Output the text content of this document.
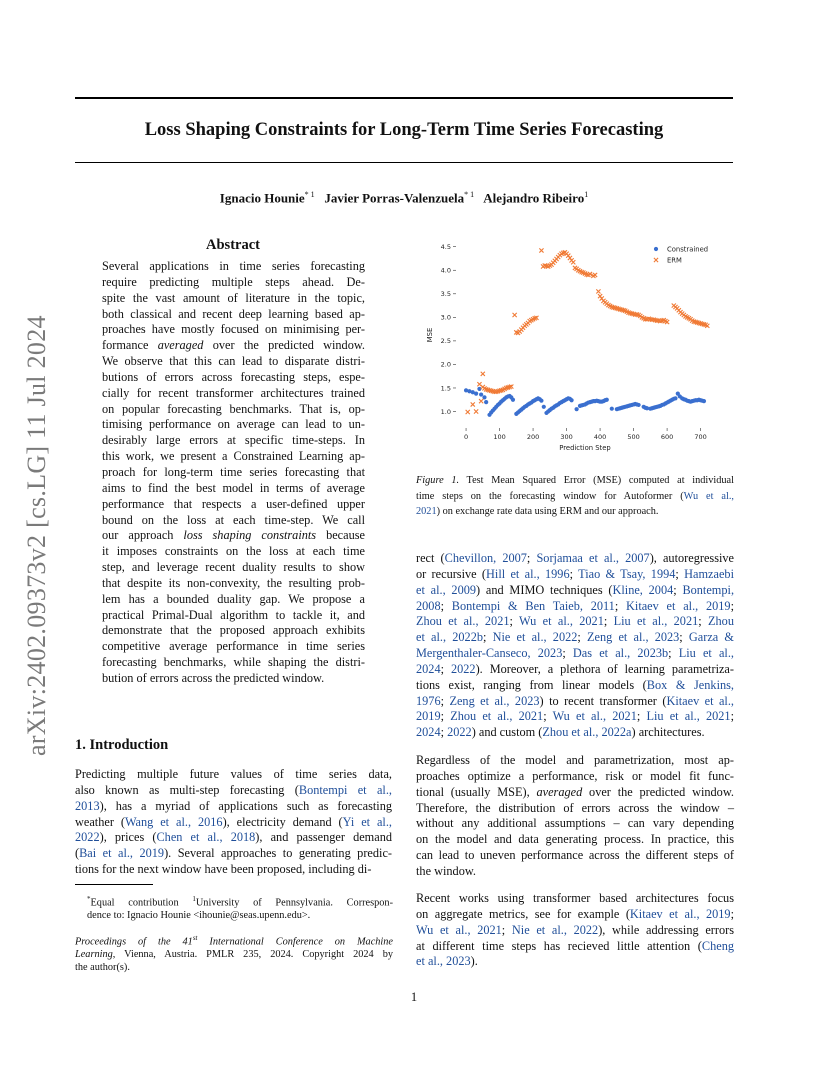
Loss Shaping Constraints for Long-Term Time Series Forecasting
Ignacio Hounie$^{* 1}$ Javier Porras-Valenzuela$^{* 1}$ Alejandro Ribeiro$^1$
arXiv:2402.09373v2 [cs.LG] 11 Jul 2024
Abstract
Several applications in time series forecasting
require predicting multiple steps ahead. De-
spite the vast amount of literature in the topic,
both classical and recent deep learning based ap-
proaches have mostly focused on minimising per-
formance averaged over the predicted window.
We observe that this can lead to disparate distri-
butions of errors across forecasting steps, espe-
cially for recent transformer architectures trained
on popular forecasting benchmarks. That is, op-
timising performance on average can lead to un-
desirably large errors at specific time-steps. In
this work, we present a Constrained Learning ap-
proach for long-term time series forecasting that
aims to find the best model in terms of average
performance that respects a user-defined upper
bound on the loss at each time-step. We call
our approach loss shaping constraints because
it imposes constraints on the loss at each time
step, and leverage recent duality results to show
that despite its non-convexity, the resulting prob-
lem has a bounded duality gap. We propose a
practical Primal-Dual algorithm to tackle it, and
demonstrate that the proposed approach exhibits
competitive average performance in time series
forecasting benchmarks, while shaping the distri-
bution of errors across the predicted window.
1. Introduction
Predicting multiple future values of time series data,
also known as multi-step forecasting (Bontempi et al.,
2013), has a myriad of applications such as forecasting
weather (Wang et al., 2016), electricity demand (Yi et al.,
2022), prices (Chen et al., 2018), and passenger demand
(Bai et al., 2019). Several approaches to generating predic-
tions for the next window have been proposed, including di-
*Equal contribution $^1$University of Pennsylvania. Correspon-
dence to: Ignacio Hounie <ihounie@seas.upenn.edu>.
Proceedings of the 41st International Conference on Machine
Learning, Vienna, Austria. PMLR 235, 2024. Copyright 2024 by
the author(s).
0	100	200	300	400	500	600	700
1.0
1.5
2.0
2.5
3.0
3.5
4.0
4.5
Prediction Step
MSE
Constrained
ERM
Figure 1. Test Mean Squared Error (MSE) computed at individual
time steps on the forecasting window for Autoformer (Wu et al.,
2021) on exchange rate data using ERM and our approach.
rect (Chevillon, 2007; Sorjamaa et al., 2007), autoregressive
or recursive (Hill et al., 1996; Tiao & Tsay, 1994; Hamzaebi
et al., 2009) and MIMO techniques (Kline, 2004; Bontempi,
2008; Bontempi & Ben Taieb, 2011; Kitaev et al., 2019;
Zhou et al., 2021; Wu et al., 2021; Liu et al., 2021; Zhou
et al., 2022b; Nie et al., 2022; Zeng et al., 2023; Garza &
Mergenthaler-Canseco, 2023; Das et al., 2023b; Liu et al.,
2024; 2022). Moreover, a plethora of learning parametriza-
tions exist, ranging from linear models (Box & Jenkins,
1976; Zeng et al., 2023) to recent transformer (Kitaev et al.,
2019; Zhou et al., 2021; Wu et al., 2021; Liu et al., 2021;
2024; 2022) and custom (Zhou et al., 2022a) architectures.
Regardless of the model and parametrization, most ap-
proaches optimize a performance, risk or model fit func-
tional (usually MSE), averaged over the predicted window.
Therefore, the distribution of errors across the window –
without any additional assumptions – can vary depending
on the model and data generating process. In practice, this
can lead to uneven performance across the different steps of
the window.
Recent works using transformer based architectures focus
on aggregate metrics, see for example (Kitaev et al., 2019;
Wu et al., 2021; Nie et al., 2022), while addressing errors
at different time steps has recieved little attention (Cheng
et al., 2023).
1
